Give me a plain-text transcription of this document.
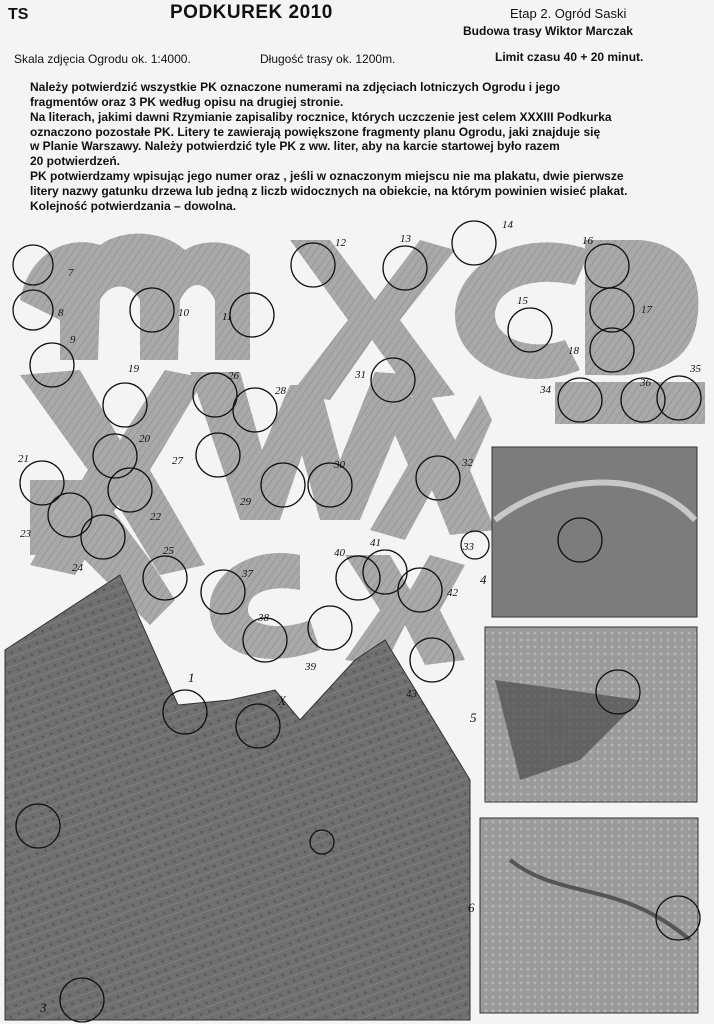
TS	PODKUREK 2010	Etap 2. Ogród Saski
Budowa trasy Wiktor Marczak
Skala zdjęcia Ogrodu ok. 1:4000.	Długość trasy ok. 1200m.	Limit czasu 40 + 20 minut.

Należy potwierdzić wszystkie PK oznaczone numerami na zdjęciach lotniczych Ogrodu i jego
fragmentów oraz 3 PK według opisu na drugiej stronie.

Na literach, jakimi dawni Rzymianie zapisaliby rocznice, których uczczenie jest celem XXXIII Podkurka
oznaczono pozostałe PK. Litery te zawierają powiększone fragmenty planu Ogrodu, jaki znajduje się
w Planie Warszawy. Należy potwierdzić tyle PK z ww. liter, aby na karcie startowej było razem
20 potwierdzeń.

PK potwierdzamy wpisując jego numer oraz , jeśli w oznaczonym miejscu nie ma plakatu, dwie pierwsze
litery nazwy gatunku drzewa lub jedną z liczb widocznych na obiekcie, na którym powinien wisieć plakat.

Kolejność potwierdzania – dowolna.

7
8
9
10	11
12	13
14
15
16
17
18
19
20
21
22
23
24
25
26
27
28
29
30
31
32
33
34
35
36
37
38
39
40
41
42
43
1
X
3
4
5
6
